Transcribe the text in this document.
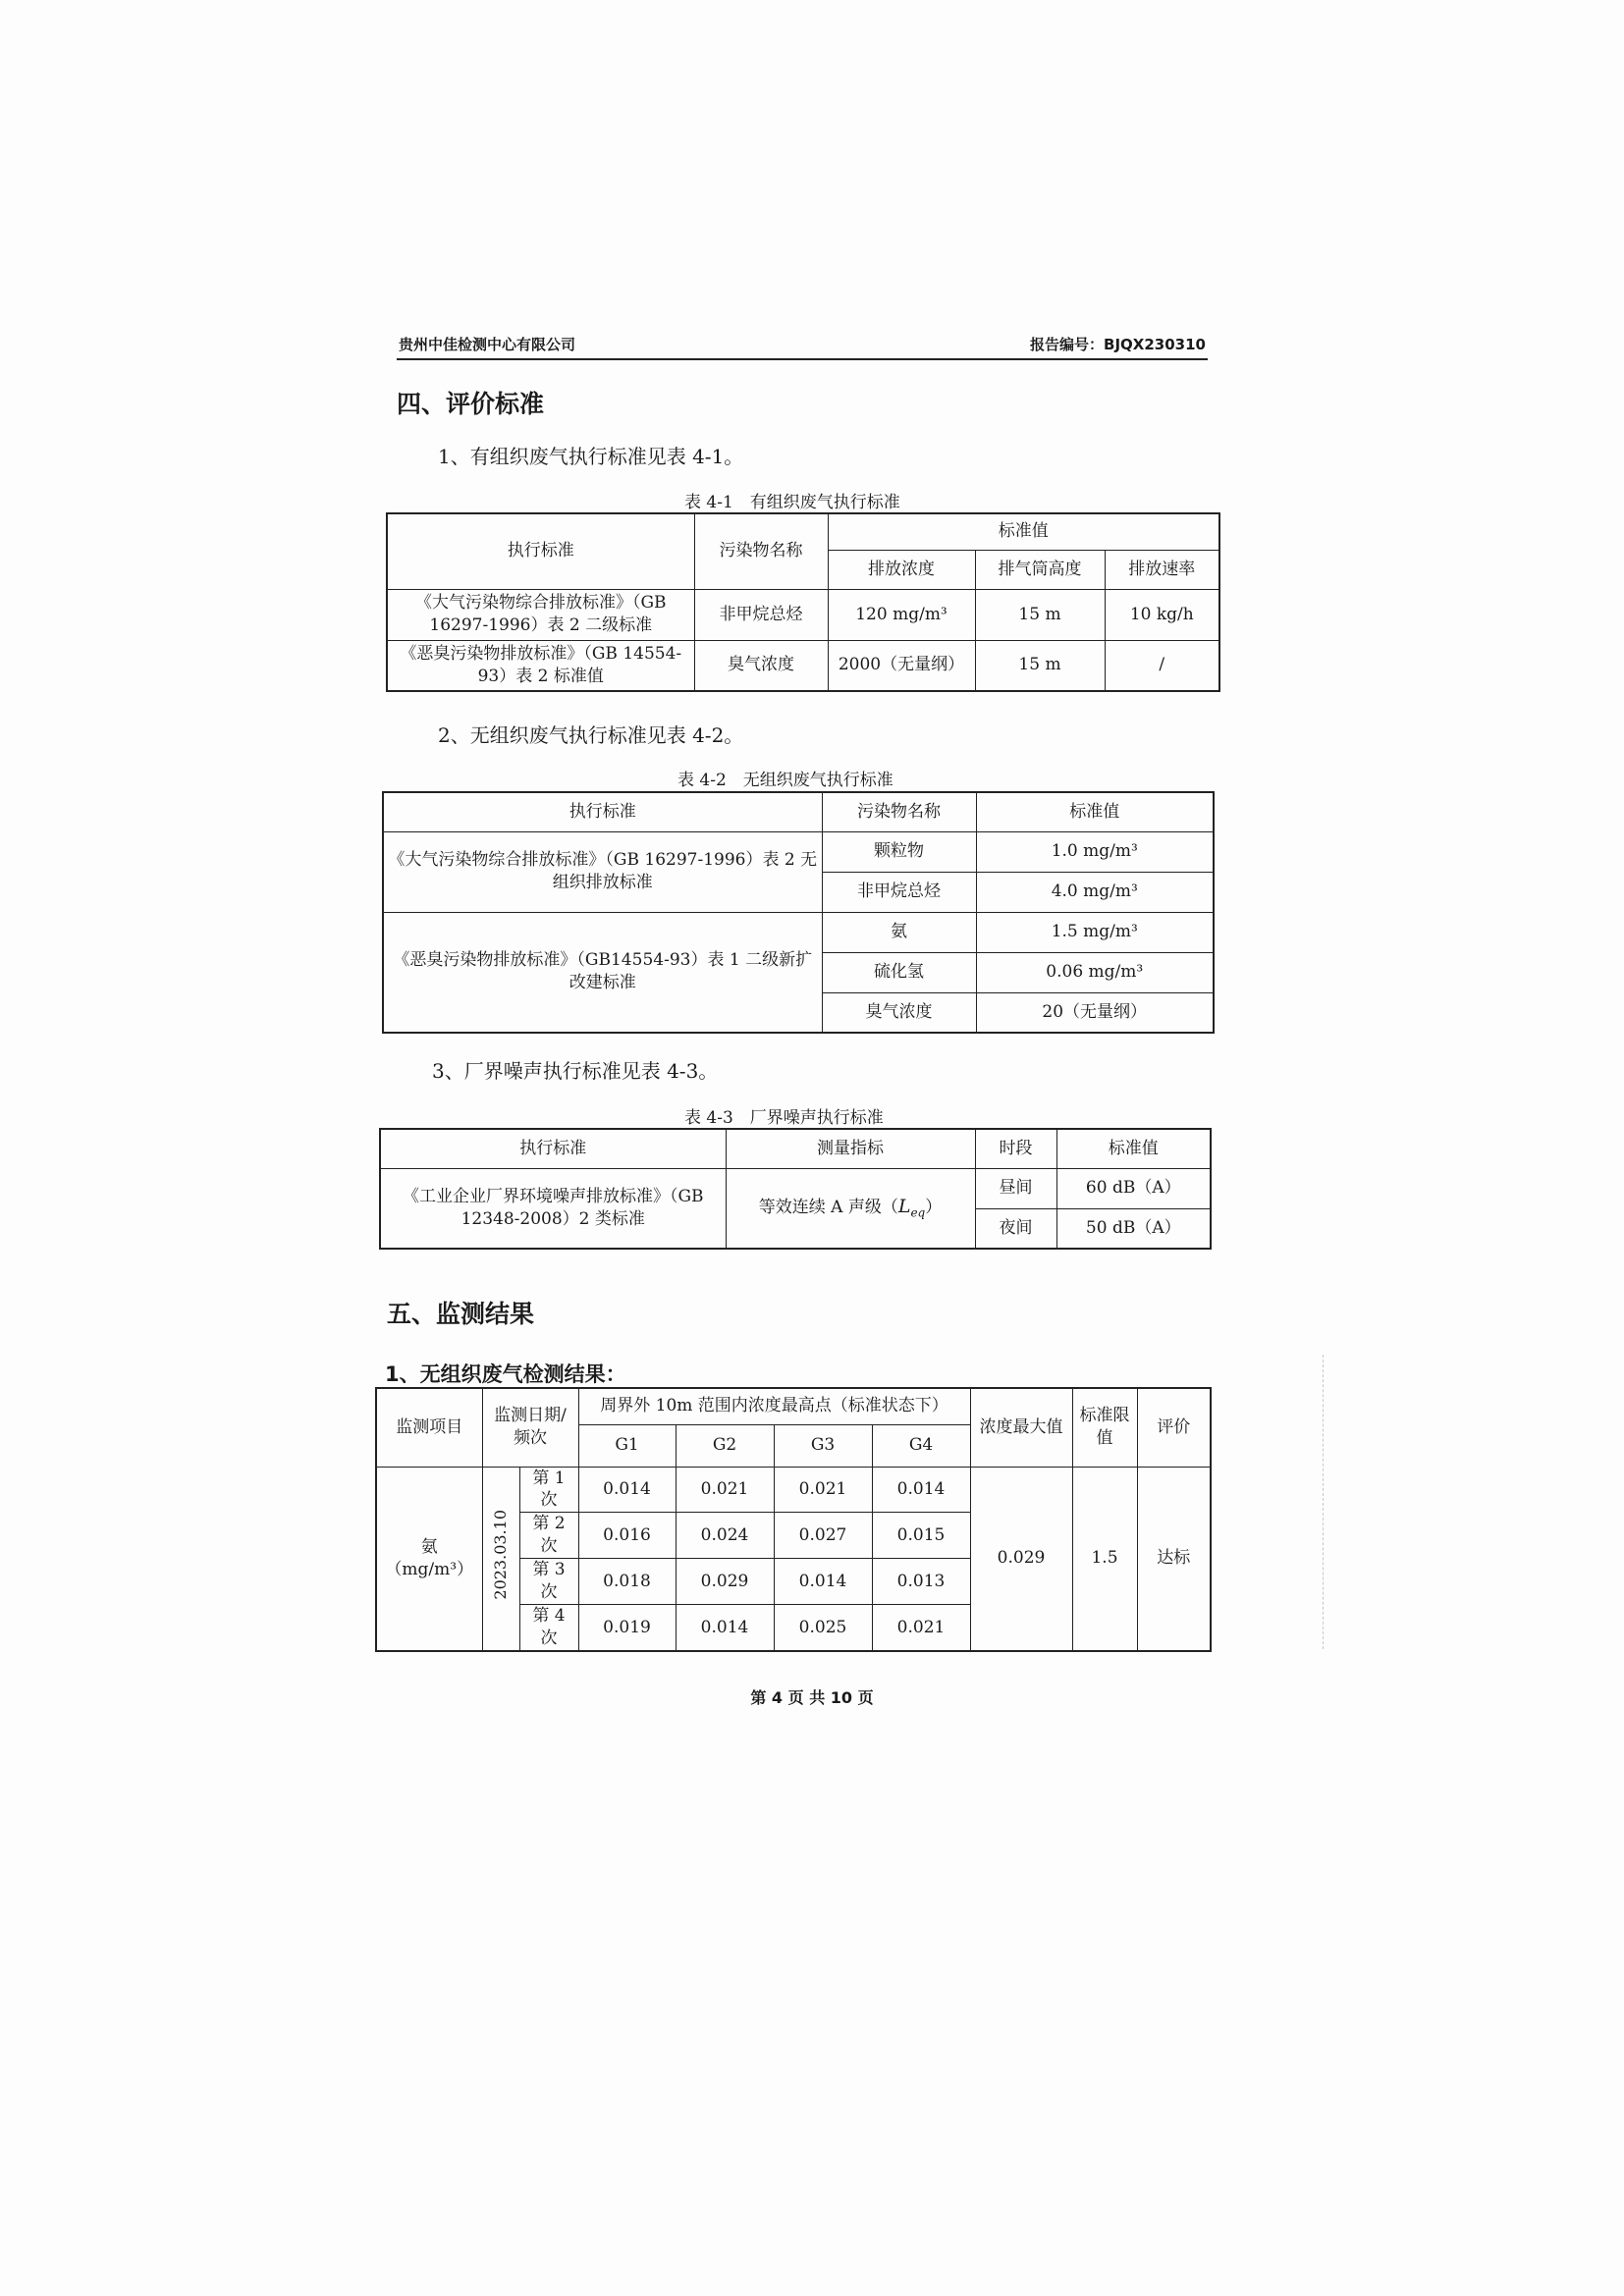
贵州中佳检测中心有限公司	报告编号：BJQX230310
四、评价标准
1、有组织废气执行标准见表 4-1。
表 4-1　有组织废气执行标准
执行标准	污染物名称	标准值		
		排放浓度	排气筒高度	排放速率
《大气污染物综合排放标准》（GB 16297-1996）表 2 二级标准	非甲烷总烃	120 mg/m³	15 m	10 kg/h
《恶臭污染物排放标准》（GB 14554-93）表 2 标准值	臭气浓度	2000（无量纲）	15 m	/
2、无组织废气执行标准见表 4-2。
表 4-2　无组织废气执行标准
执行标准	污染物名称	标准值
《大气污染物综合排放标准》（GB 16297-1996）表 2 无组织排放标准	颗粒物	1.0 mg/m³
	非甲烷总烃	4.0 mg/m³
《恶臭污染物排放标准》（GB14554-93）表 1 二级新扩改建标准	氨	1.5 mg/m³
	硫化氢	0.06 mg/m³
	臭气浓度	20（无量纲）
3、厂界噪声执行标准见表 4-3。
表 4-3　厂界噪声执行标准
执行标准	测量指标	时段	标准值
《工业企业厂界环境噪声排放标准》（GB 12348-2008）2 类标准	等效连续 A 声级$(L_{eq})$	昼间	60 dB（A）
		夜间	50 dB（A）
五、监测结果
1、无组织废气检测结果：
监测项目	监测日期/频次		周界外 10m 范围内浓度最高点（标准状态下）				浓度最大值	标准限值	评价
			G1	G2	G3	G4			
氨
（mg/m³）	2023.03.10	第 1 次	0.014	0.021	0.021	0.014	0.029	1.5	达标
		第 2 次	0.016	0.024	0.027	0.015			
		第 3 次	0.018	0.029	0.014	0.013			
		第 4 次	0.019	0.014	0.025	0.021			
第 4 页 共 10 页
